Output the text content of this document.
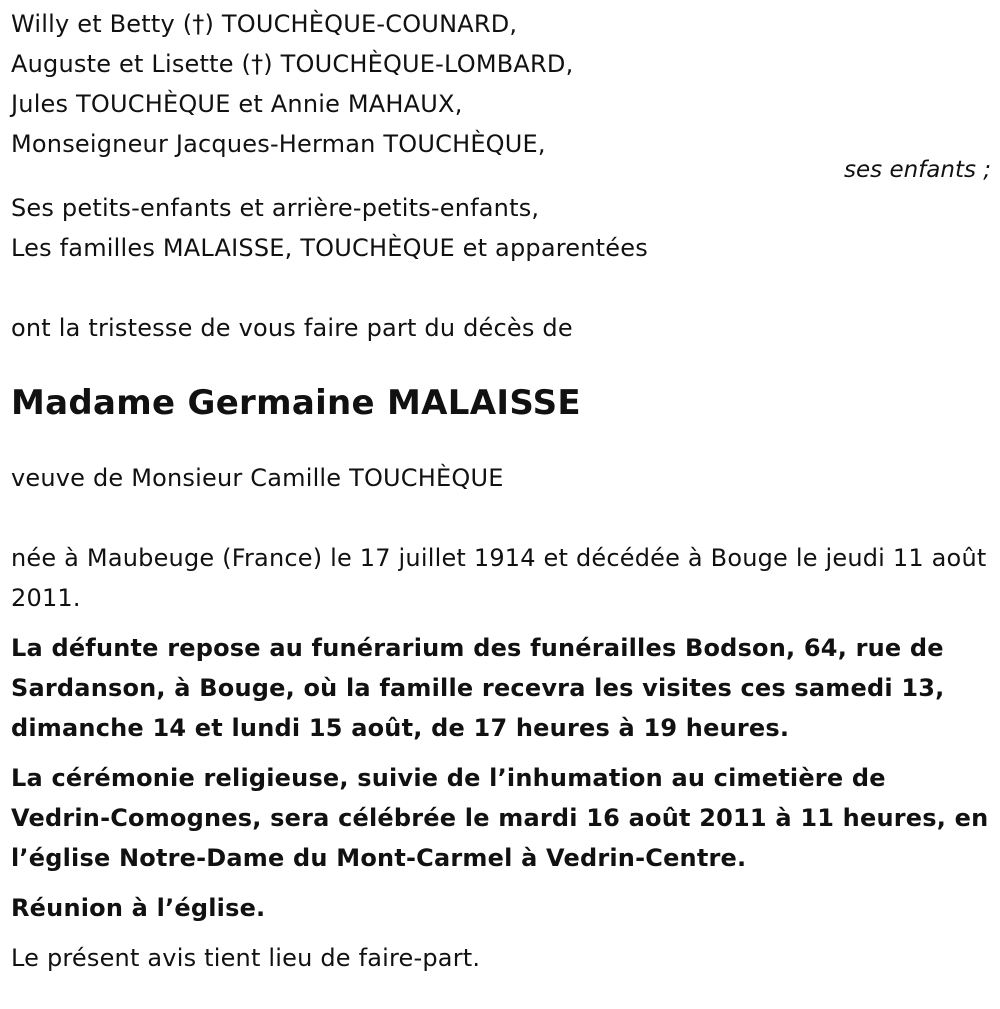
Willy et Betty (†) TOUCHÈQUE-COUNARD,
Auguste et Lisette (†) TOUCHÈQUE-LOMBARD,
Jules TOUCHÈQUE et Annie MAHAUX,
Monseigneur Jacques-Herman TOUCHÈQUE,
ses enfants ;
Ses petits-enfants et arrière-petits-enfants,
Les familles MALAISSE, TOUCHÈQUE et apparentées
ont la tristesse de vous faire part du décès de
Madame Germaine MALAISSE
veuve de Monsieur Camille TOUCHÈQUE
née à Maubeuge (France) le 17 juillet 1914 et décédée à Bouge le jeudi 11 août 2011.
La défunte repose au funérarium des funérailles Bodson, 64, rue de Sardanson, à Bouge, où la famille recevra les visites ces samedi 13, dimanche 14 et lundi 15 août, de 17 heures à 19 heures.
La cérémonie religieuse, suivie de l’inhumation au cimetière de Vedrin-Comognes, sera célébrée le mardi 16 août 2011 à 11 heures, en l’église Notre-Dame du Mont-Carmel à Vedrin-Centre.
Réunion à l’église.
Le présent avis tient lieu de faire-part.
